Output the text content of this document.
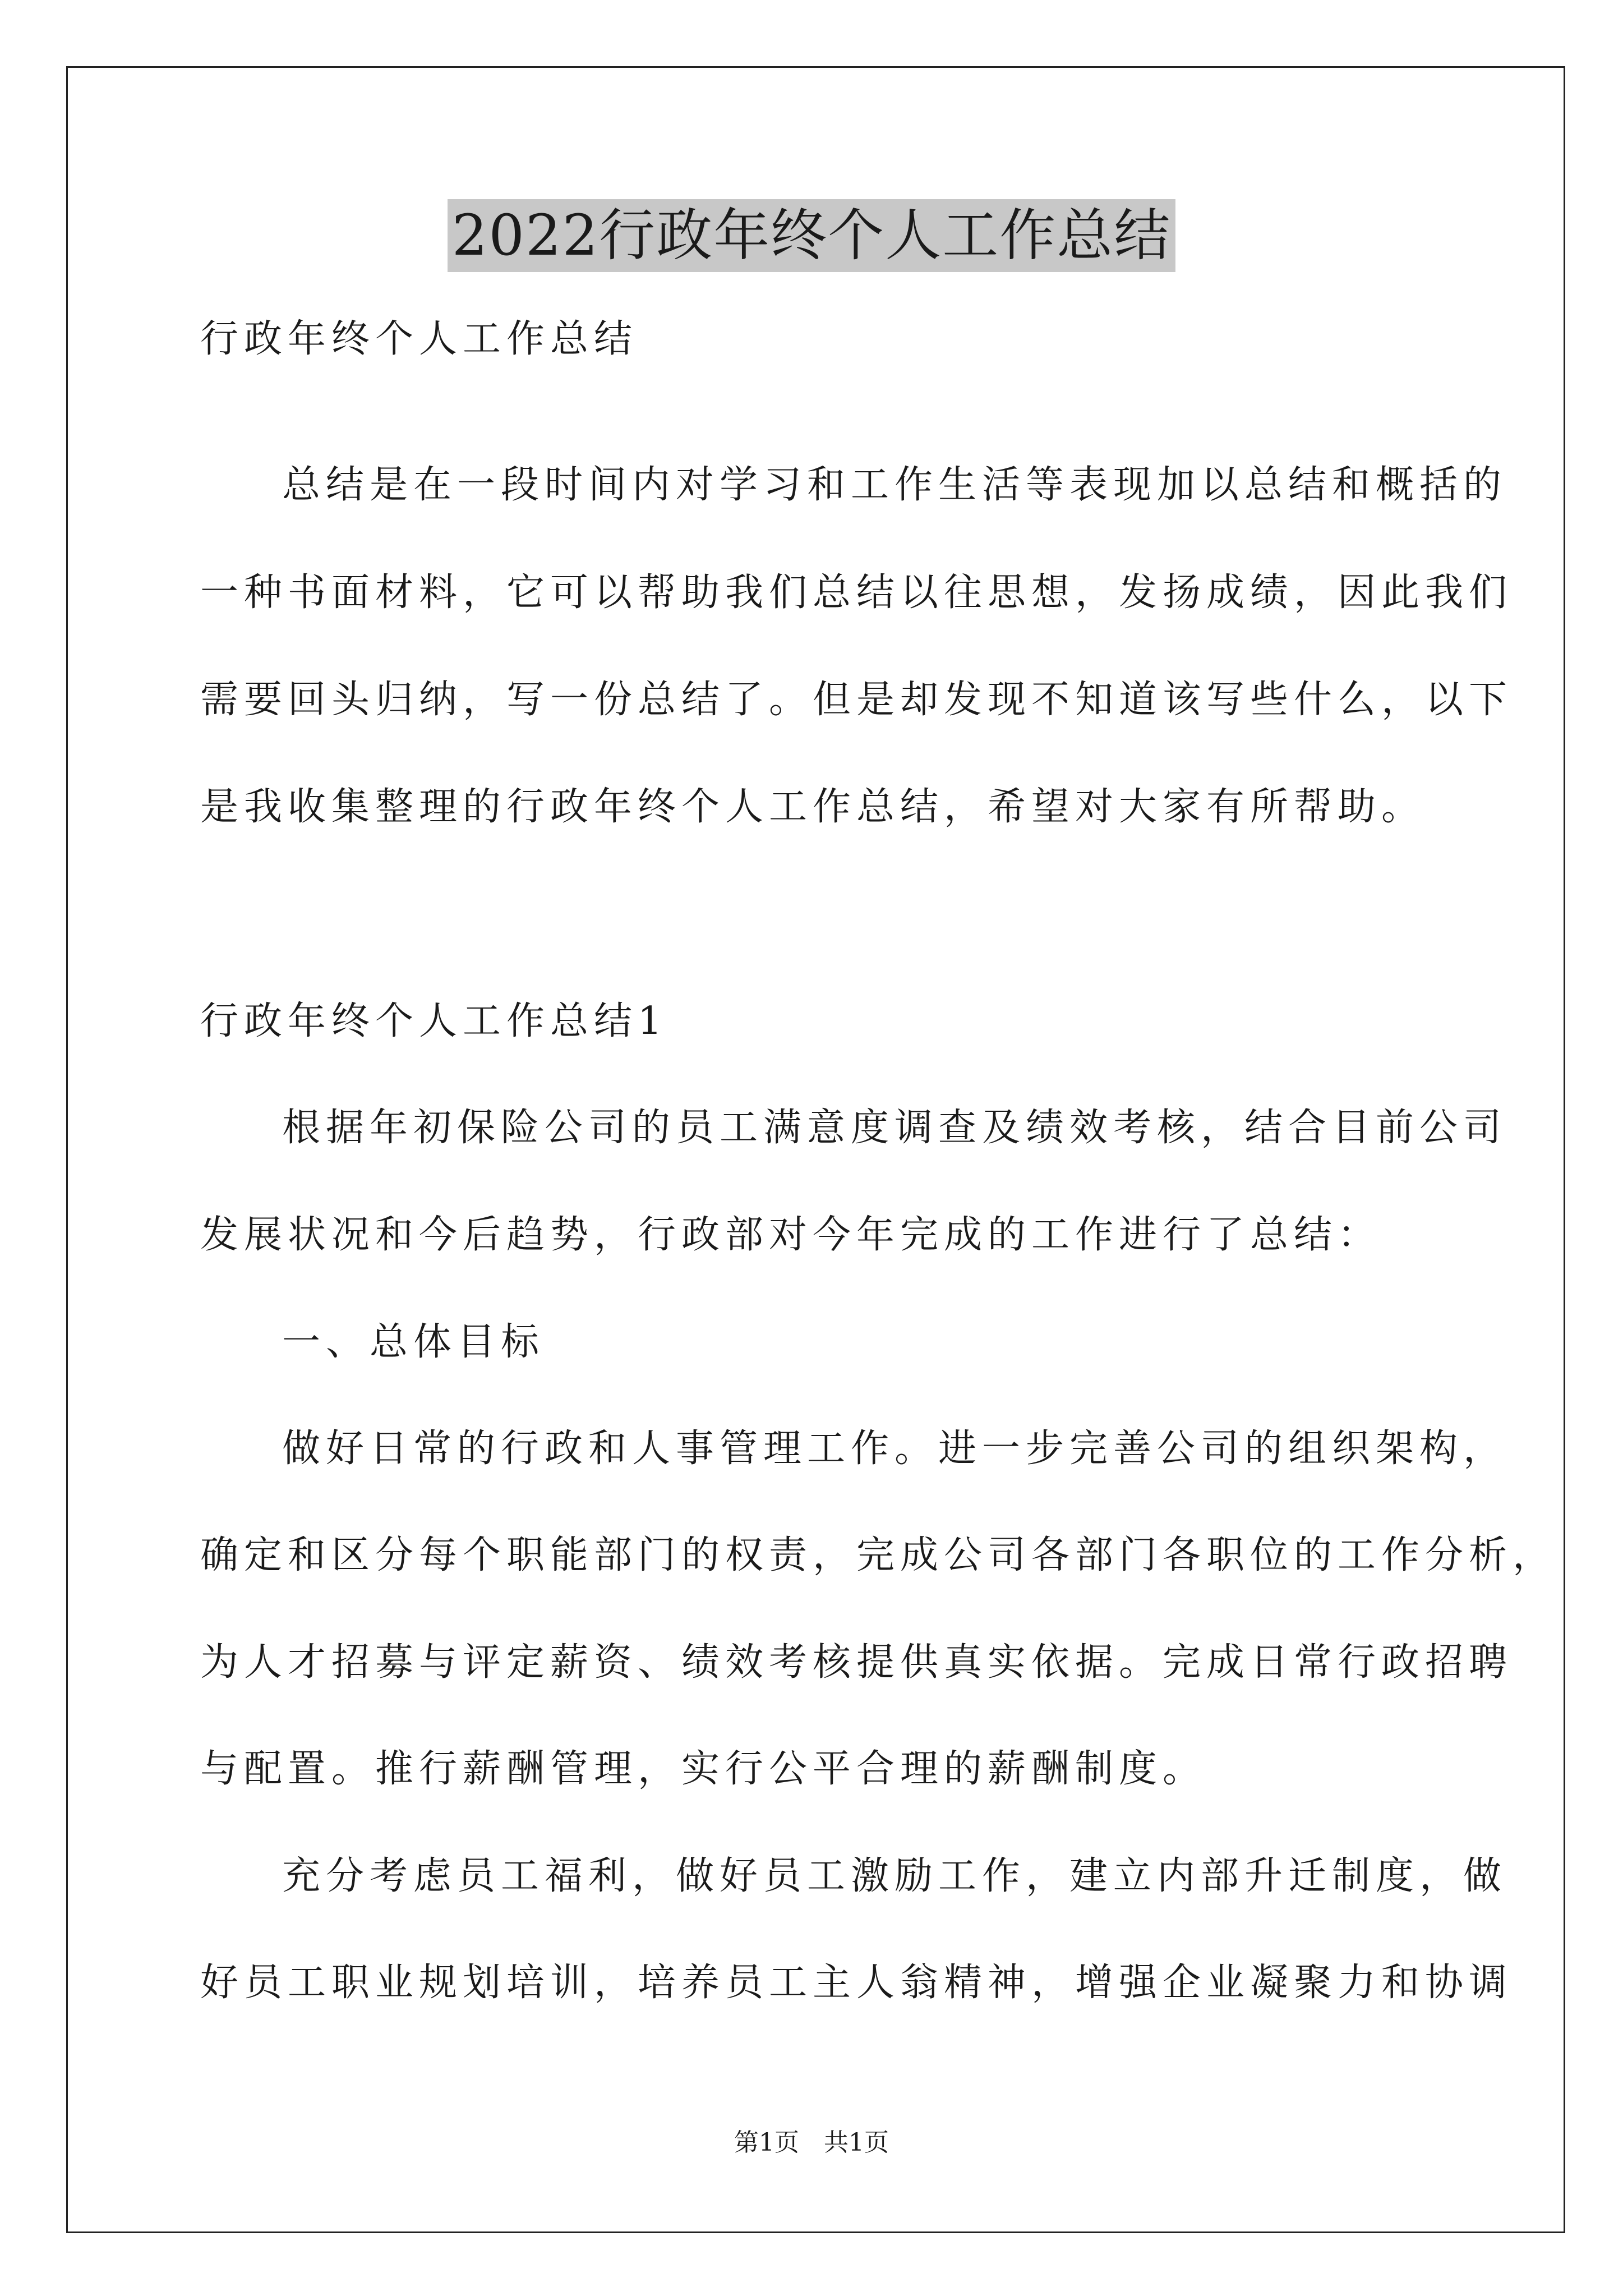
2022行政年终个人工作总结
行政年终个人工作总结
总结是在一段时间内对学习和工作生活等表现加以总结和概括的
一种书面材料，它可以帮助我们总结以往思想，发扬成绩，因此我们
需要回头归纳，写一份总结了。但是却发现不知道该写些什么，以下
是我收集整理的行政年终个人工作总结，希望对大家有所帮助。
行政年终个人工作总结1
根据年初保险公司的员工满意度调查及绩效考核，结合目前公司
发展状况和今后趋势，行政部对今年完成的工作进行了总结：
一、总体目标
做好日常的行政和人事管理工作。进一步完善公司的组织架构，
确定和区分每个职能部门的权责，完成公司各部门各职位的工作分析，
为人才招募与评定薪资、绩效考核提供真实依据。完成日常行政招聘
与配置。推行薪酬管理，实行公平合理的薪酬制度。
充分考虑员工福利，做好员工激励工作，建立内部升迁制度，做
好员工职业规划培训，培养员工主人翁精神，增强企业凝聚力和协调
第1页　共1页
